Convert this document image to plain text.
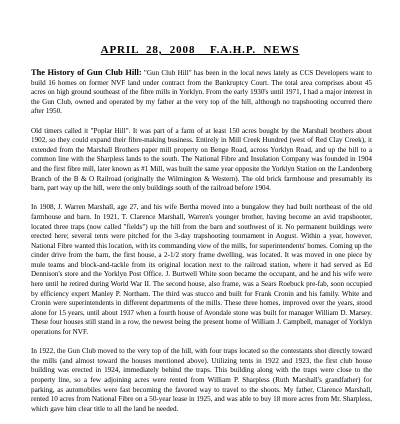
APRIL  28,  2008    F.A.H.P.  NEWS

The History of Gun Club Hill: "Gun Club Hill" has been in the local news lately as CCS Developers want to build 16 homes on former NVF land under contract from the Bankruptcy Court. The total area comprises about 45 acres on high ground southeast of the fibre mills in Yorklyn. From the early 1930's until 1971, I had a major interest in the Gun Club, owned and operated by my father at the very top of the hill, although no trapshooting occurred there after 1950.

Old timers called it "Poplar Hill". It was part of a farm of at least 150 acres bought by the Marshall brothers about 1902, so they could expand their fibre-making business. Entirely in Mill Creek Hundred (west of Red Clay Creek), it extended from the Marshall Brothers paper mill property on Benge Road, across Yorklyn Road, and up the hill to a common line with the Sharpless lands to the south. The National Fibre and Insulation Company was founded in 1904 and the first fibre mill, later known as #1 Mill, was built the same year opposite the Yorklyn Station on the Landenberg Branch of the B & O Railroad (originally the Wilmington & Western). The old brick farmhouse and presumably its barn, part way up the hill, were the only buildings south of the railroad before 1904.

In 1908, J. Warren Marshall, age 27, and his wife Bertha moved into a bungalow they had built northeast of the old farmhouse and barn. In 1921, T. Clarence Marshall, Warren's younger brother, having become an avid trapshooter, located three traps (now called "fields") up the hill from the barn and southwest of it. No permanent buildings were erected here; several tents were pitched for the 3-day trapshooting tournament in August. Within a year, however, National Fibre wanted this location, with its commanding view of the mills, for superintendents' homes. Coming up the cinder drive from the barn, the first house, a 2-1/2 story frame dwelling, was located. It was moved in one piece by mule teams and block-and-tackle from its original location next to the railroad station, where it had served as Ed Dennison's store and the Yorklyn Post Office. J. Burtwell White soon became the occupant, and he and his wife were here until he retired during World War II. The second house, also frame, was a Sears Roebuck pre-fab, soon occupied by efficiency expert Manley P. Northam. The third was stucco and built for Frank Cronin and his family. White and Cronin were superintendents in different departments of the mills. These three homes, improved over the years, stood alone for 15 years, until about 1937 when a fourth house of Avondale stone was built for manager William D. Marsey. These four houses still stand in a row, the newest being the present home of William J. Campbell, manager of Yorklyn operations for NVF.

In 1922, the Gun Club moved to the very top of the hill, with four traps located so the contestants shot directly toward the mills (and almost toward the houses mentioned above). Utilizing tents in 1922 and 1923, the first club house building was erected in 1924, immediately behind the traps. This building along with the traps were close to the property line, so a few adjoining acres were rented from William P. Sharpless (Ruth Marshall's grandfather) for parking, as automobiles were fast becoming the favored way to travel to the shoots. My father, Clarence Marshall, rented 10 acres from National Fibre on a 50-year lease in 1925, and was able to buy 18 more acres from Mr. Sharpless, which gave him clear title to all the land he needed.
